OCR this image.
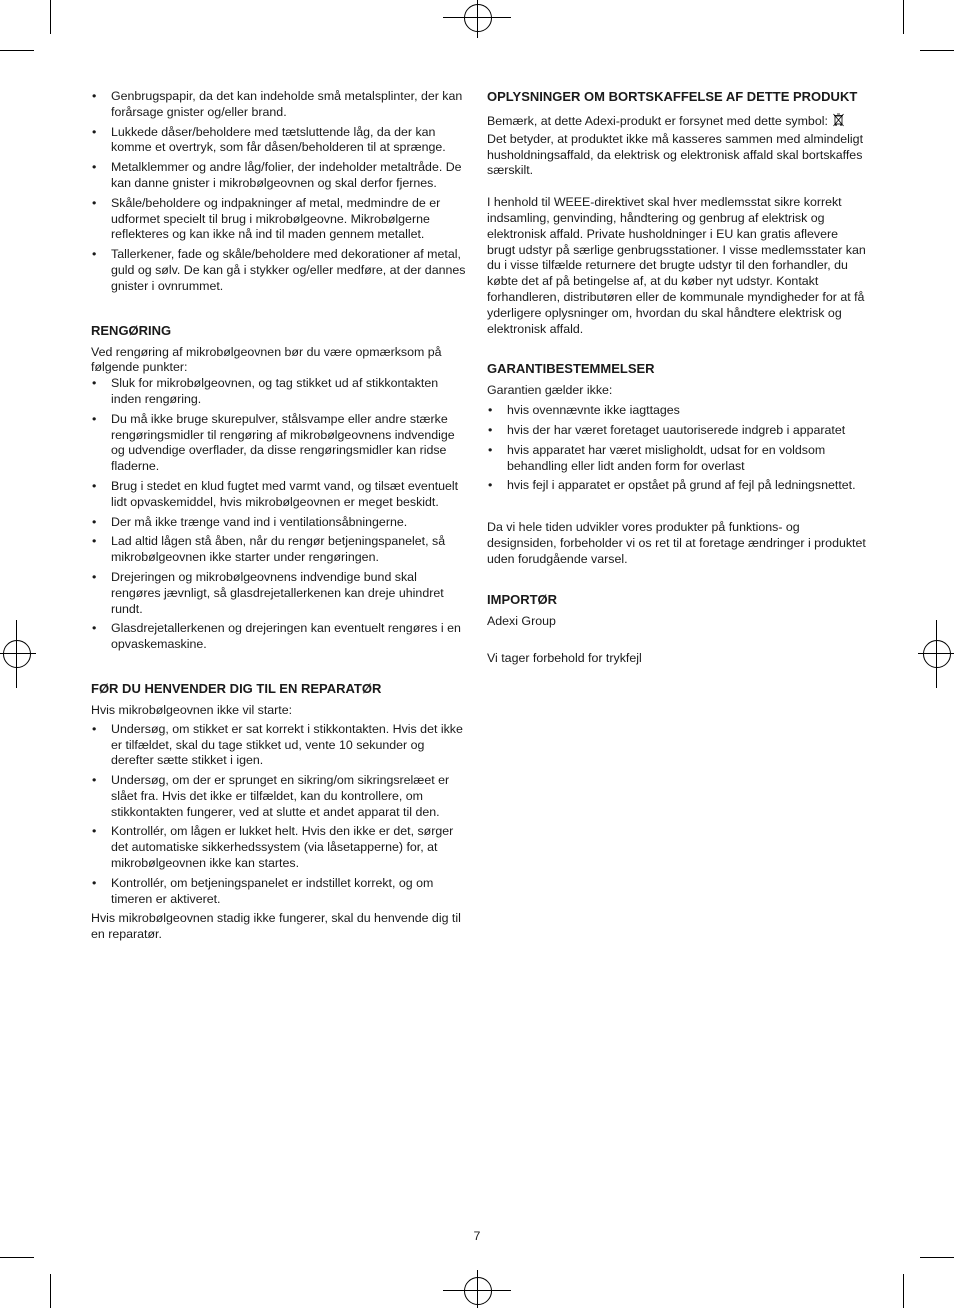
• Genbrugspapir, da det kan indeholde små metalsplinter, der kan forårsage gnister og/eller brand.
• Lukkede dåser/beholdere med tætsluttende låg, da der kan komme et overtryk, som får dåsen/beholderen til at sprænge.
• Metalklemmer og andre låg/folier, der indeholder metaltråde. De kan danne gnister i mikrobølgeovnen og skal derfor fjernes.
• Skåle/beholdere og indpakninger af metal, medmindre de er udformet specielt til brug i mikrobølgeovne. Mikrobølgerne reflekteres og kan ikke nå ind til maden gennem metallet.
• Tallerkener, fade og skåle/beholdere med dekorationer af metal, guld og sølv. De kan gå i stykker og/eller medføre, at der dannes gnister i ovnrummet.
RENGØRING

Ved rengøring af mikrobølgeovnen bør du være opmærksom på følgende punkter:

• Sluk for mikrobølgeovnen, og tag stikket ud af stikkontakten inden rengøring.
• Du må ikke bruge skurepulver, stålsvampe eller andre stærke rengøringsmidler til rengøring af mikrobølgeovnens indvendige og udvendige overflader, da disse rengøringsmidler kan ridse fladerne.
• Brug i stedet en klud fugtet med varmt vand, og tilsæt eventuelt lidt opvaskemiddel, hvis mikrobølgeovnen er meget beskidt.
• Der må ikke trænge vand ind i ventilationsåbningerne.
• Lad altid lågen stå åben, når du rengør betjeningspanelet, så mikrobølgeovnen ikke starter under rengøringen.
• Drejeringen og mikrobølgeovnens indvendige bund skal rengøres jævnligt, så glasdrejetallerkenen kan dreje uhindret rundt.
• Glasdrejetallerkenen og drejeringen kan eventuelt rengøres i en opvaskemaskine.
FØR DU HENVENDER DIG TIL EN REPARATØR

Hvis mikrobølgeovnen ikke vil starte:

• Undersøg, om stikket er sat korrekt i stikkontakten. Hvis det ikke er tilfældet, skal du tage stikket ud, vente 10 sekunder og derefter sætte stikket i igen.
• Undersøg, om der er sprunget en sikring/om sikringsrelæet er slået fra. Hvis det ikke er tilfældet, kan du kontrollere, om stikkontakten fungerer, ved at slutte et andet apparat til den.
• Kontrollér, om lågen er lukket helt. Hvis den ikke er det, sørger det automatiske sikkerhedssystem (via låsetapperne) for, at mikrobølgeovnen ikke kan startes.
• Kontrollér, om betjeningspanelet er indstillet korrekt, og om timeren er aktiveret.

Hvis mikrobølgeovnen stadig ikke fungerer, skal du henvende dig til en reparatør.

OPLYSNINGER OM BORTSKAFFELSE AF DETTE PRODUKT

Bemærk, at dette Adexi-produkt er forsynet med dette symbol:

Det betyder, at produktet ikke må kasseres sammen med almindeligt husholdningsaffald, da elektrisk og elektronisk affald skal bortskaffes særskilt.

I henhold til WEEE-direktivet skal hver medlemsstat sikre korrekt indsamling, genvinding, håndtering og genbrug af elektrisk og elektronisk affald. Private husholdninger i EU kan gratis aflevere brugt udstyr på særlige genbrugsstationer. I visse medlemsstater kan du i visse tilfælde returnere det brugte udstyr til den forhandler, du købte det af på betingelse af, at du køber nyt udstyr. Kontakt forhandleren, distributøren eller de kommunale myndigheder for at få yderligere oplysninger om, hvordan du skal håndtere elektrisk og elektronisk affald.

GARANTIBESTEMMELSER

Garantien gælder ikke:

• hvis ovennævnte ikke iagttages
• hvis der har været foretaget uautoriserede indgreb i apparatet
• hvis apparatet har været misligholdt, udsat for en voldsom behandling eller lidt anden form for overlast
• hvis fejl i apparatet er opstået på grund af fejl på ledningsnettet.

Da vi hele tiden udvikler vores produkter på funktions- og designsiden, forbeholder vi os ret til at foretage ændringer i produktet uden forudgående varsel.

IMPORTØR

Adexi Group

Vi tager forbehold for trykfejl

7
